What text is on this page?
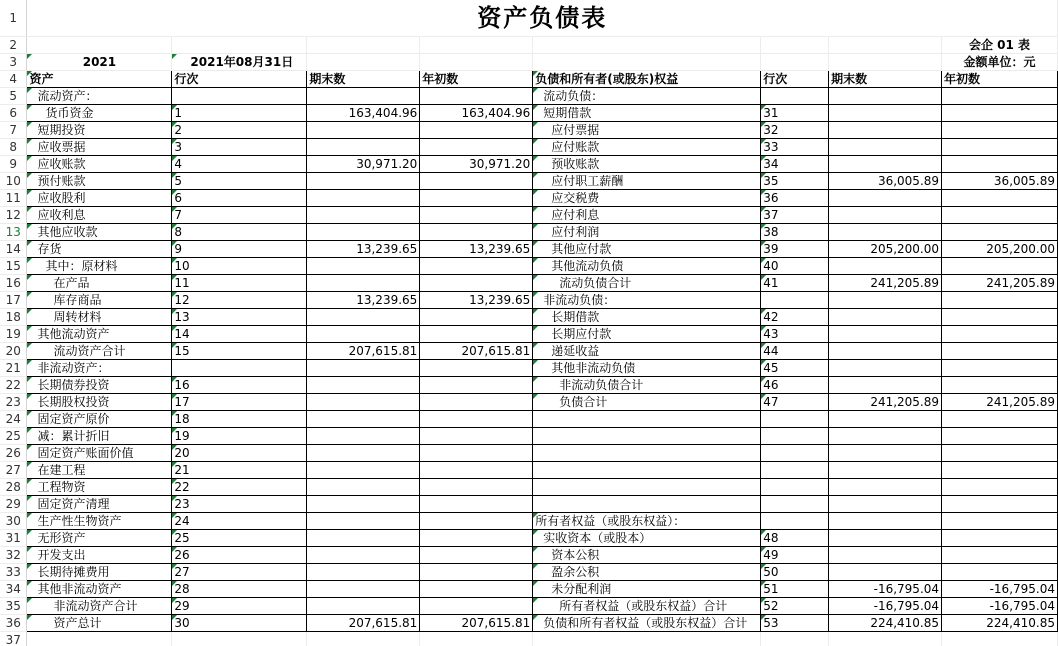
1	资产负债表							

2								会企 01 表
3	2021	2021年08月31日						金额单位：元
4	资产	行次	期末数	年初数	负债和所有者(或股东)权益	行次	期末数	年初数
5	流动资产：				流动负债：			
6	货币资金	1	163,404.96	163,404.96	短期借款	31		
7	短期投资	2			应付票据	32		
8	应收票据	3			应付账款	33		
9	应收账款	4	30,971.20	30,971.20	预收账款	34		
10	预付账款	5			应付职工薪酬	35	36,005.89	36,005.89
11	应收股利	6			应交税费	36		
12	应收利息	7			应付利息	37		
13	其他应收款	8			应付利润	38		
14	存货	9	13,239.65	13,239.65	其他应付款	39	205,200.00	205,200.00
15	其中：原材料	10			其他流动负债	40		
16	在产品	11			流动负债合计	41	241,205.89	241,205.89
17	库存商品	12	13,239.65	13,239.65	非流动负债：			
18	周转材料	13			长期借款	42		
19	其他流动资产	14			长期应付款	43		
20	流动资产合计	15	207,615.81	207,615.81	递延收益	44		
21	非流动资产：				其他非流动负债	45		
22	长期债券投资	16			非流动负债合计	46		
23	长期股权投资	17			负债合计	47	241,205.89	241,205.89
24	固定资产原价	18						
25	减：累计折旧	19						
26	固定资产账面价值	20						
27	在建工程	21						
28	工程物资	22						
29	固定资产清理	23						
30	生产性生物资产	24			所有者权益（或股东权益）：			
31	无形资产	25			实收资本（或股本）	48		
32	开发支出	26			资本公积	49		
33	长期待摊费用	27			盈余公积	50		
34	其他非流动资产	28			未分配利润	51	-16,795.04	-16,795.04
35	非流动资产合计	29			所有者权益（或股东权益）合计	52	-16,795.04	-16,795.04
36	资产总计	30	207,615.81	207,615.81	负债和所有者权益（或股东权益）合计	53	224,410.85	224,410.85
37								
